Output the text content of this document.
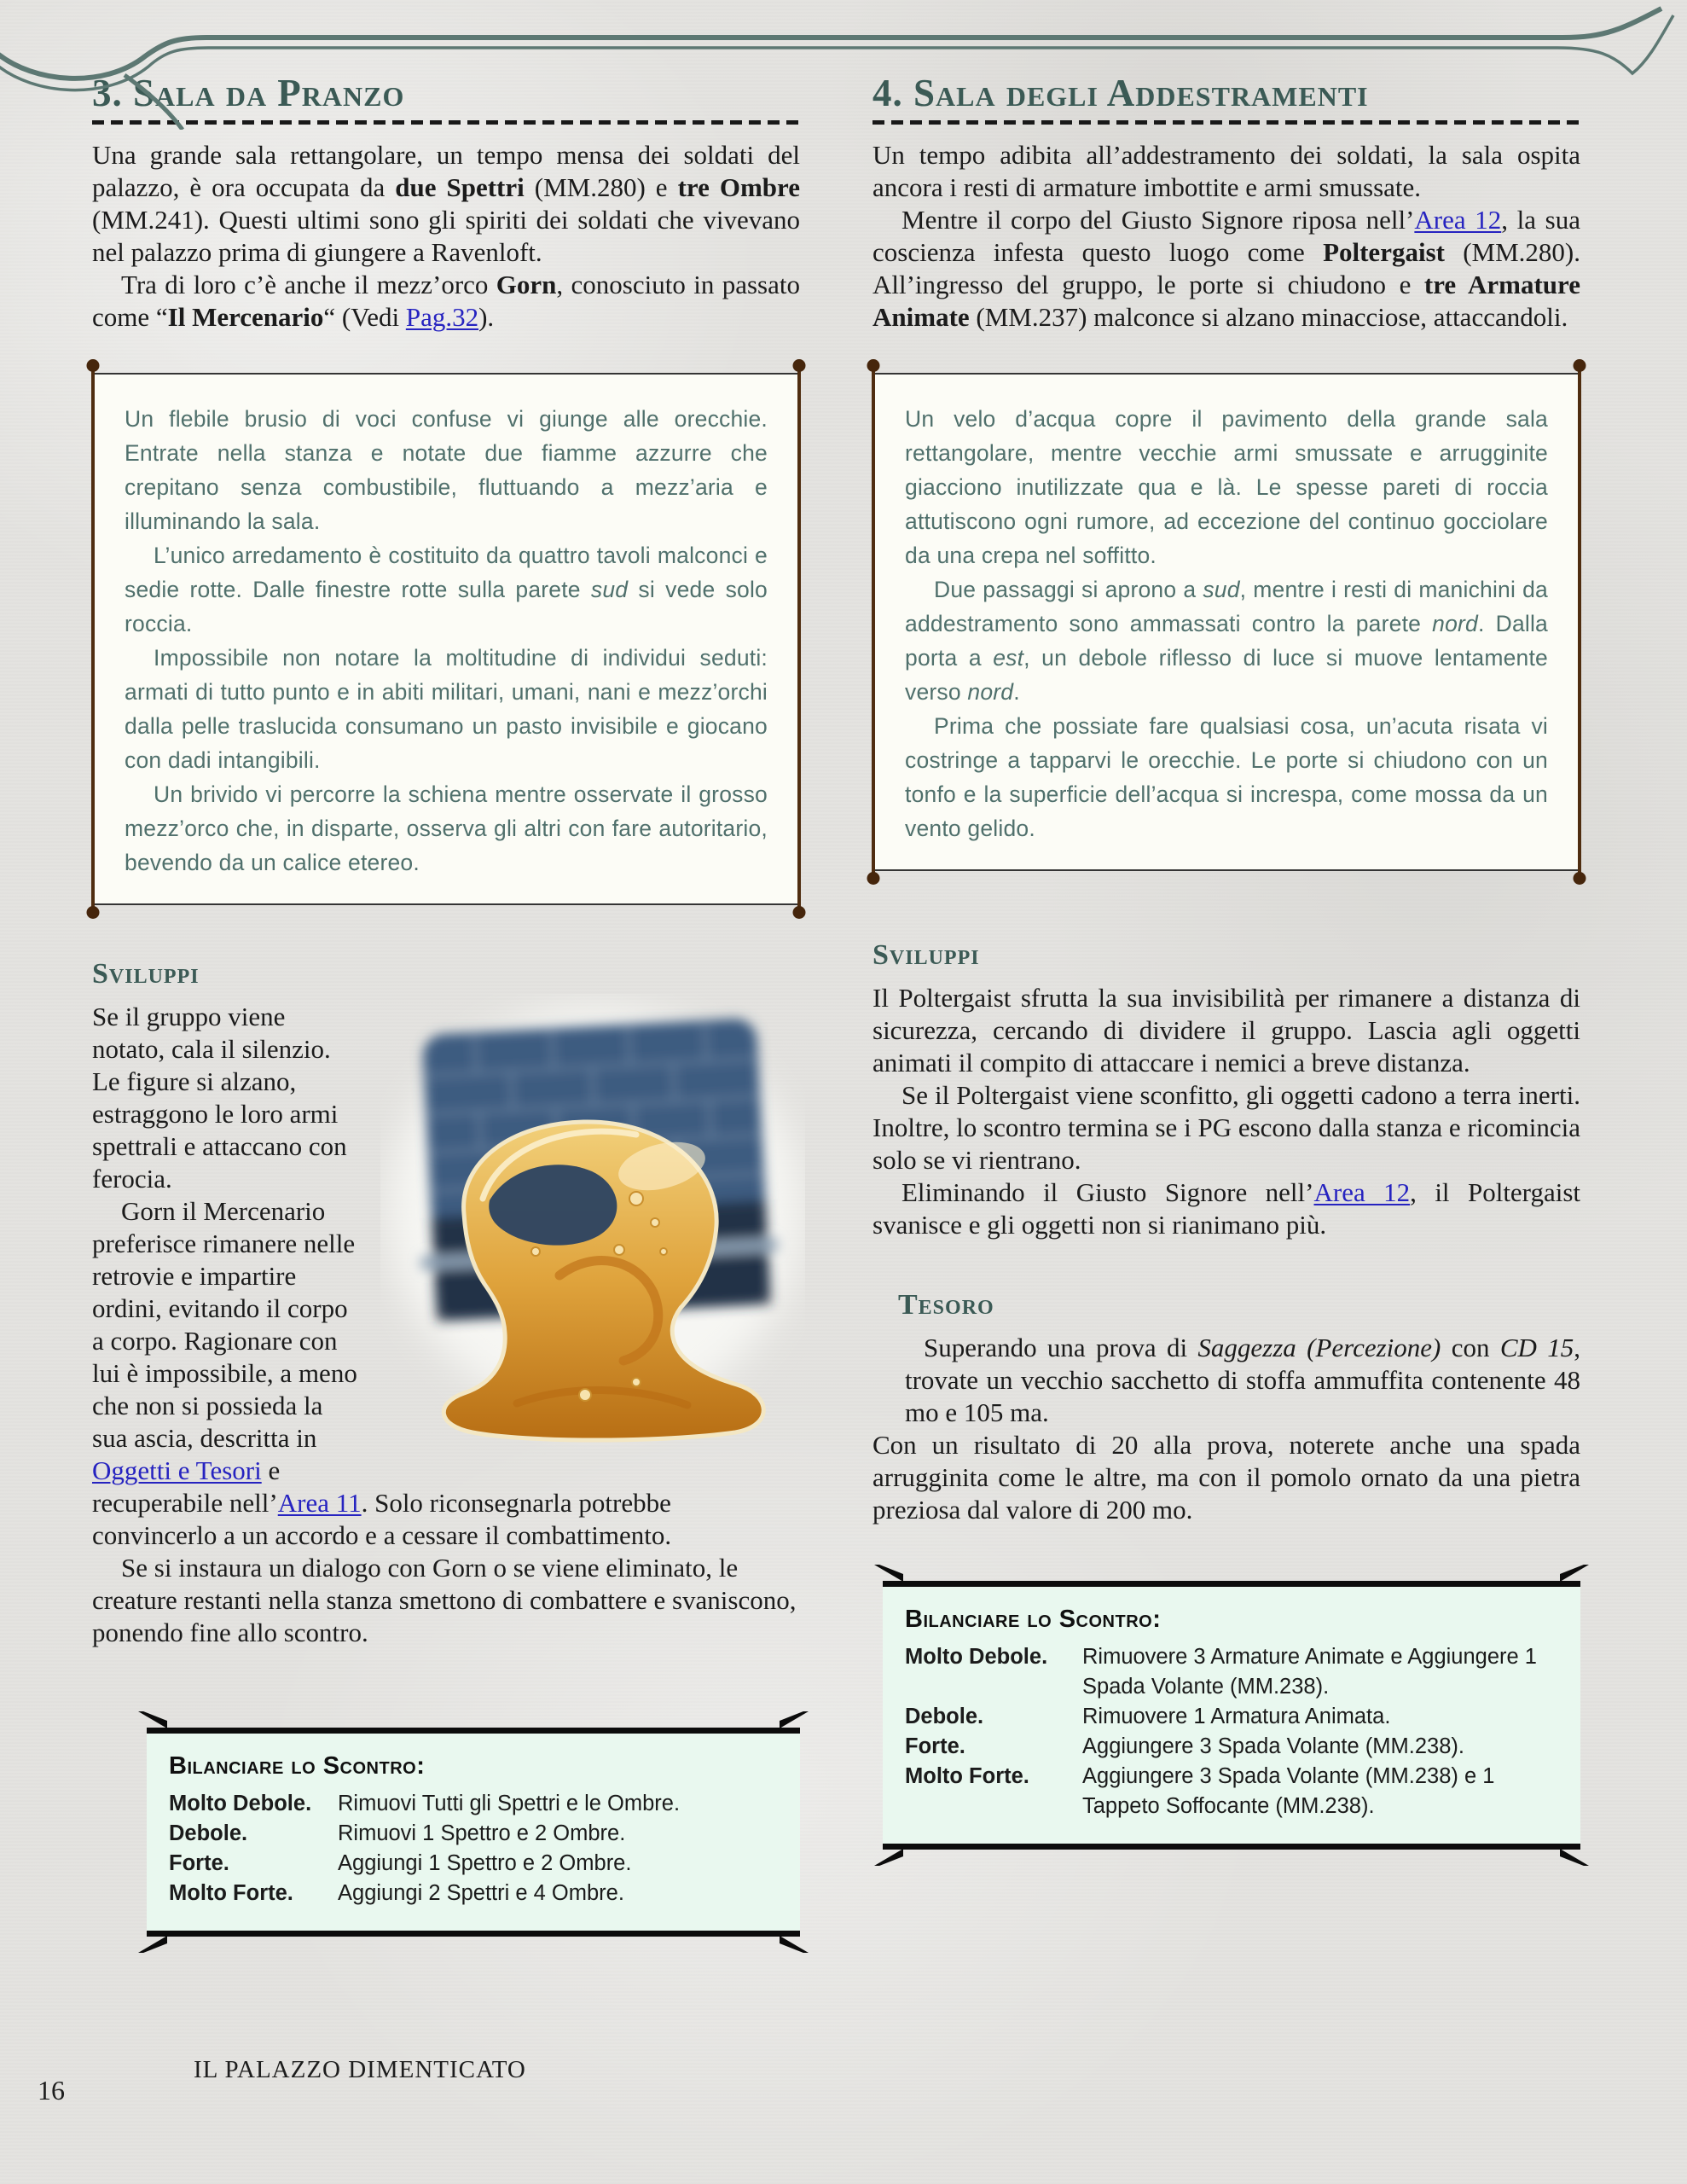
3. Sala da Pranzo

Una grande sala rettangolare, un tempo mensa dei soldati del palazzo, è ora occupata da due Spettri (MM.280) e tre Ombre (MM.241). Questi ultimi sono gli spiriti dei soldati che vivevano nel palazzo prima di giungere a Ravenloft.

Tra di loro c’è anche il mezz’orco Gorn, conosciuto in passato come “Il Mercenario“ (Vedi Pag.32).

Un flebile brusio di voci confuse vi giunge alle orecchie. Entrate nella stanza e notate due fiamme azzurre che crepitano senza combustibile, fluttuando a mezz’aria e illuminando la sala.

L’unico arredamento è costituito da quattro tavoli malconci e sedie rotte. Dalle finestre rotte sulla parete sud si vede solo roccia.

Impossibile non notare la moltitudine di individui seduti: armati di tutto punto e in abiti militari, umani, nani e mezz’orchi dalla pelle traslucida consumano un pasto invisibile e giocano con dadi intangibili.

Un brivido vi percorre la schiena mentre osservate il grosso mezz’orco che, in disparte, osserva gli altri con fare autoritario, bevendo da un calice etereo.

Sviluppi

Se il gruppo viene notato, cala il silenzio. Le figure si alzano, estraggono le loro armi spettrali e attaccano con ferocia.

Gorn il Mercenario preferisce rimanere nelle retrovie e impartire ordini, evitando il corpo a corpo. Ragionare con lui è impossibile, a meno che non si possieda la sua ascia, descritta in Oggetti e Tesori e recuperabile nell’Area 11. Solo riconsegnarla potrebbe convincerlo a un accordo e a cessare il combattimento.

Se si instaura un dialogo con Gorn o se viene eliminato, le creature restanti nella stanza smettono di combattere e svaniscono, ponendo fine allo scontro.

Bilanciare lo Scontro:
Molto Debole. Rimuovi Tutti gli Spettri e le Ombre.
Debole.	Rimuovi 1 Spettro e 2 Ombre.
Forte.	Aggiungi 1 Spettro e 2 Ombre.
Molto Forte.	Aggiungi 2 Spettri e 4 Ombre.
4. Sala degli Addestramenti

Un tempo adibita all’addestramento dei soldati, la sala ospita ancora i resti di armature imbottite e armi smussate.

Mentre il corpo del Giusto Signore riposa nell’Area 12, la sua coscienza infesta questo luogo come Poltergaist (MM.280). All’ingresso del gruppo, le porte si chiudono e tre Armature Animate (MM.237) malconce si alzano minacciose, attaccandoli.

Un velo d’acqua copre il pavimento della grande sala rettangolare, mentre vecchie armi smussate e arrugginite giacciono inutilizzate qua e là. Le spesse pareti di roccia attutiscono ogni rumore, ad eccezione del continuo gocciolare da una crepa nel soffitto.

Due passaggi si aprono a sud, mentre i resti di manichini da addestramento sono ammassati contro la parete nord. Dalla porta a est, un debole riflesso di luce si muove lentamente verso nord.

Prima che possiate fare qualsiasi cosa, un’acuta risata vi costringe a tapparvi le orecchie. Le porte si chiudono con un tonfo e la superficie dell’acqua si increspa, come mossa da un vento gelido.

Sviluppi

Il Poltergaist sfrutta la sua invisibilità per rimanere a distanza di sicurezza, cercando di dividere il gruppo. Lascia agli oggetti animati il compito di attaccare i nemici a breve distanza.

Se il Poltergaist viene sconfitto, gli oggetti cadono a terra inerti. Inoltre, lo scontro termina se i PG escono dalla stanza e ricomincia solo se vi rientrano.

Eliminando il Giusto Signore nell’Area 12, il Poltergaist svanisce e gli oggetti non si rianimano più.

Tesoro

Superando una prova di Saggezza (Percezione) con CD 15, trovate un vecchio sacchetto di stoffa ammuffita contenente 48 mo e 105 ma.

Con un risultato di 20 alla prova, noterete anche una spada arrugginita come le altre, ma con il pomolo ornato da una pietra preziosa dal valore di 200 mo.

Bilanciare lo Scontro:
Molto Debole.	Rimuovere 3 Armature Animate e Aggiungere 1 Spada Volante (MM.238).
Debole.	Rimuovere 1 Armatura Animata.
Forte.	Aggiungere 3 Spada Volante (MM.238).
Molto Forte.	Aggiungere 3 Spada Volante (MM.238) e 1 Tappeto Soffocante (MM.238).
16
IL PALAZZO DIMENTICATO
